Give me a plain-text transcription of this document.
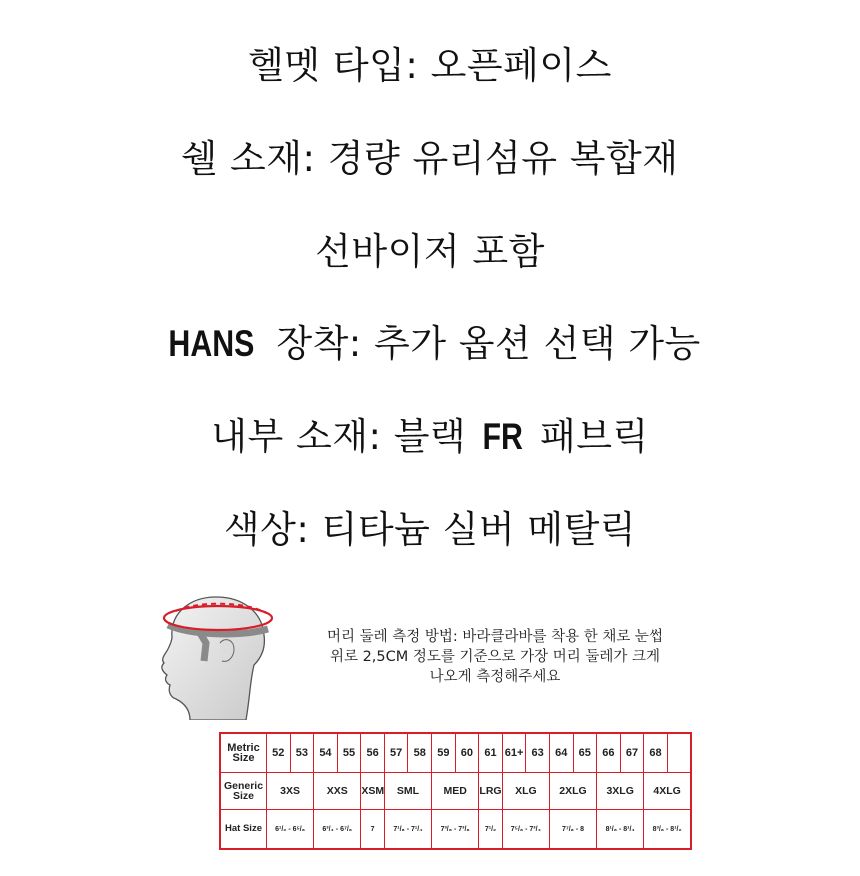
헬멧 타입: 오픈페이스
쉘 소재: 경량 유리섬유 복합재
선바이저 포함
HANS 장착: 추가 옵션 선택 가능
내부 소재: 블랙 FR 패브릭
색상: 티타늄 실버 메탈릭
머리 둘레 측정 방법: 바라클라바를 착용 한 채로 눈썹
위로 2,5CM 정도를 기준으로 가장 머리 둘레가 크게
나오게 측정해주세요
Metric Size	52	53	54	55	56	57	58	59	60	61	61+	63	64	65	66	67	68
Generic Size	3XS		XXS		XSM	SML		MED		LRG	XLG		2XLG		3XLG		4XLG
Hat Size	6¹/₂ - 6⁵/₈		6³/₄ - 6⁷/₈		7	7¹/₈ - 7¹/₄		7³/₈ - 7³/₈		7¹/₂	7⁵/₈ - 7³/₄		7⁷/₈ - 8		8¹/₈ - 8¹/₄		8³/₈ - 8¹/₂
